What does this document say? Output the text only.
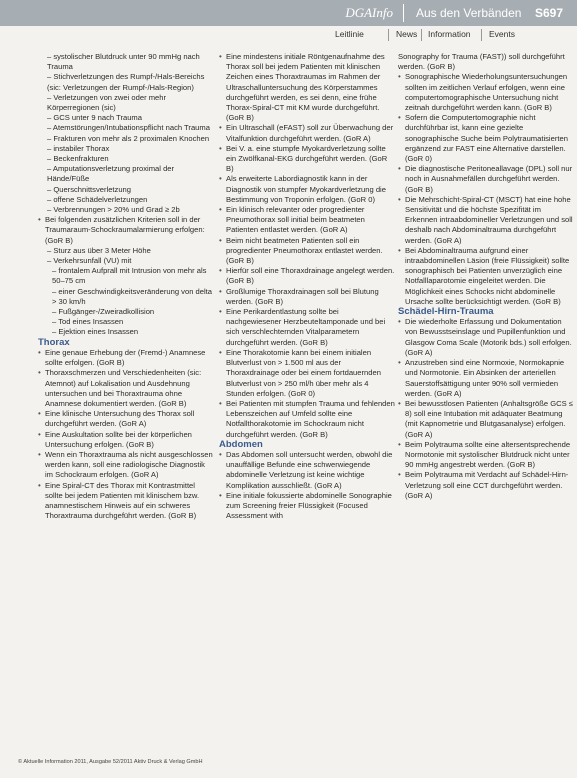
DGAInfo	Aus den Verbänden S697
Leitlinie	News Information Events

– systolischer Blutdruck unter 90 mmHg nach Trauma

– Stichverletzungen des Rumpf-/Hals-Bereichs (sic: Verletzungen der Rumpf-/Hals-Region)

– Verletzungen von zwei oder mehr Körperregionen (sic)

– GCS unter 9 nach Trauma

– Atemstörungen/Intubationspflicht nach Trauma

– Frakturen von mehr als 2 proximalen Knochen

– instabiler Thorax

– Beckenfrakturen

– Amputationsverletzung proximal der Hände/Füße

– Querschnittsverletzung

– offene Schädelverletzungen

– Verbrennungen > 20% und Grad ≥ 2b

• Bei folgenden zusätzlichen Kriterien soll in der Traumaraum-Schockraumalarmierung erfolgen: (GoR B)

– Sturz aus über 3 Meter Höhe

– Verkehrsunfall (VU) mit

– frontalem Aufprall mit Intrusion von mehr als 50–75 cm

– einer Geschwindigkeitsveränderung von delta > 30 km/h

– Fußgänger-/Zweiradkollision

– Tod eines Insassen

– Ejektion eines Insassen

Thorax

• Eine genaue Erhebung der (Fremd-) Anamnese sollte erfolgen. (GoR B)
• Thoraxschmerzen und Verschiedenheiten (sic: Atemnot) auf Lokalisation und Ausdehnung untersuchen und bei Thoraxtrauma ohne Anamnese dokumentiert werden. (GoR B)
• Eine klinische Untersuchung des Thorax soll durchgeführt werden. (GoR A)
• Eine Auskultation sollte bei der körperlichen Untersuchung erfolgen. (GoR B)
• Wenn ein Thoraxtrauma als nicht ausgeschlossen werden kann, soll eine radiologische Diagnostik im Schockraum erfolgen. (GoR A)
• Eine Spiral-CT des Thorax mit Kontrastmittel sollte bei jedem Patienten mit klinischem bzw. anamnestischem Hinweis auf ein schweres Thoraxtrauma durchgeführt werden. (GoR B)
• Eine mindestens initiale Röntgenaufnahme des Thorax soll bei jedem Patienten mit klinischen Zeichen eines Thoraxtraumas im Rahmen der Ultraschalluntersuchung des Körperstammes durchgeführt werden, es sei denn, eine frühe Thorax-Spiral-CT mit KM wurde durchgeführt. (GoR B)
• Ein Ultraschall (eFAST) soll zur Überwachung der Vitalfunktion durchgeführt werden. (GoR A)
• Bei V. a. eine stumpfe Myokardverletzung sollte ein Zwölfkanal-EKG durchgeführt werden. (GoR B)
• Als erweiterte Labordiagnostik kann in der Diagnostik von stumpfer Myokardverletzung die Bestimmung von Troponin erfolgen. (GoR 0)
• Ein klinisch relevanter oder progredienter Pneumothorax soll initial beim beatmeten Patienten entlastet werden. (GoR A)
• Beim nicht beatmeten Patienten soll ein progredienter Pneumothorax entlastet werden. (GoR B)
• Hierfür soll eine Thoraxdrainage angelegt werden. (GoR B)
• Großlumige Thoraxdrainagen soll bei Blutung werden. (GoR B)
• Eine Perikardentlastung sollte bei nachgewiesener Herzbeuteltamponade und bei sich verschlechternden Vitalparametern durchgeführt werden. (GoR B)
• Eine Thorakotomie kann bei einem initialen Blutverlust von > 1.500 ml aus der Thoraxdrainage oder bei einem fortdauernden Blutverlust von > 250 ml/h über mehr als 4 Stunden erfolgen. (GoR 0)
• Bei Patienten mit stumpfen Trauma und fehlenden Lebenszeichen auf Umfeld sollte eine Notfallthorakotomie im Schockraum nicht durchgeführt werden. (GoR B)

Abdomen

• Das Abdomen soll untersucht werden, obwohl die unauffällige Befunde eine schwerwiegende abdominelle Verletzung ist keine wichtige Komplikation ausschließt. (GoR A)
• Eine initiale fokussierte abdominelle Sonographie zum Screening freier Flüssigkeit (Focused Assessment with

Sonography for Trauma (FAST)) soll durchgeführt werden. (GoR B)

• Sonographische Wiederholungsuntersuchungen sollten im zeitlichen Verlauf erfolgen, wenn eine computertomographische Untersuchung nicht zeitnah durchgeführt werden kann. (GoR B)
• Sofern die Computertomographie nicht durchführbar ist, kann eine gezielte sonographische Suche beim Polytraumatisierten ergänzend zur FAST eine Alternative darstellen. (GoR 0)
• Die diagnostische Peritoneallavage (DPL) soll nur noch in Ausnahmefällen durchgeführt werden. (GoR B)
• Die Mehrschicht-Spiral-CT (MSCT) hat eine hohe Sensitivität und die höchste Spezifität im Erkennen intraabdomineller Verletzungen und soll deshalb nach Abdominaltrauma durchgeführt werden. (GoR A)
• Bei Abdominaltrauma aufgrund einer intraabdominellen Läsion (freie Flüssigkeit) sollte sonographisch bei Patienten unverzüglich eine Notfalllaparotomie eingeleitet werden. Die Möglichkeit eines Schocks nicht abdominelle Ursache sollte berücksichtigt werden. (GoR B)

Schädel-Hirn-Trauma

• Die wiederholte Erfassung und Dokumentation von Bewusstseinslage und Pupillenfunktion und Glasgow Coma Scale (Motorik bds.) soll erfolgen. (GoR A)
• Anzustreben sind eine Normoxie, Normokapnie und Normotonie. Ein Absinken der arteriellen Sauerstoffsättigung unter 90% soll vermieden werden. (GoR A)
• Bei bewusstlosen Patienten (Anhaltsgröße GCS ≤ 8) soll eine Intubation mit adäquater Beatmung (mit Kapnometrie und Blutgasanalyse) erfolgen. (GoR A)
• Beim Polytrauma sollte eine altersentsprechende Normotonie mit systolischer Blutdruck nicht unter 90 mmHg angestrebt werden. (GoR B)
• Beim Polytrauma mit Verdacht auf Schädel-Hirn-Verletzung soll eine CCT durchgeführt werden. (GoR A)
© Aktuelle Information 2011, Ausgabe 52/2011 Aktiv Druck & Verlag GmbH
